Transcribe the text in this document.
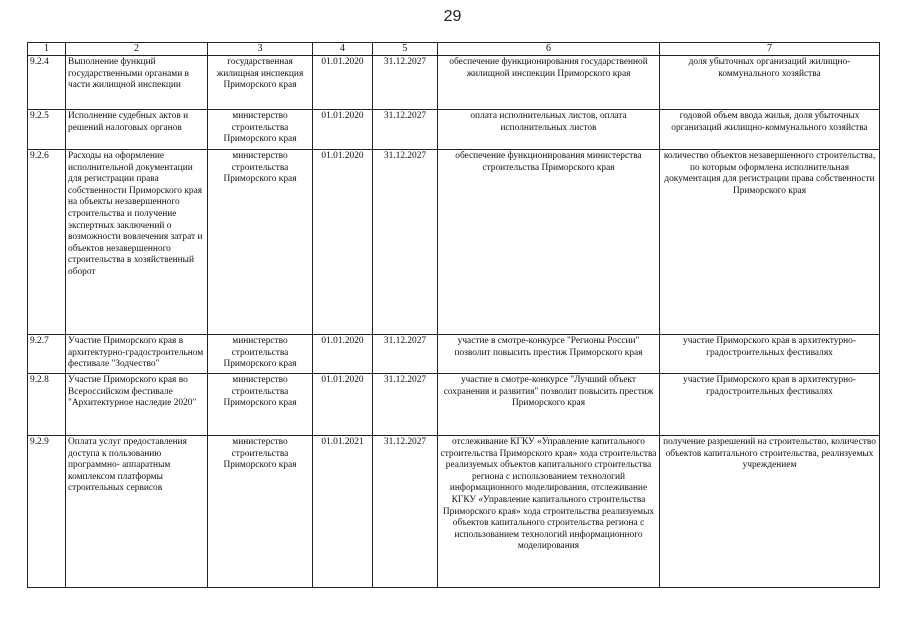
29
1	2	3	4	5	6	7
9.2.4	Выполнение функций государственными органами в части жилищной инспекции	государственная жилищная инспекция Приморского края	01.01.2020	31.12.2027	обеспечение функционирования государственной жилищной инспекции Приморского края	доля убыточных организаций жилищно-коммунального хозяйства
9.2.5	Исполнение судебных актов и решений налоговых органов	министерство строительства Приморского края	01.01.2020	31.12.2027	оплата исполнительных листов, оплата исполнительных листов	годовой объем ввода жилья, доля убыточных организаций жилищно-коммунального хозяйства
9.2.6	Расходы на оформление исполнительной документации для регистрации права собственности Приморского края на объекты незавершенного строительства и получение экспертных заключений о возможности вовлечения затрат и объектов незавершенного строительства в хозяйственный оборот	министерство строительства Приморского края	01.01.2020	31.12.2027	обеспечение функционирования министерства строительства Приморского края	количество объектов незавершенного строительства, по которым оформлена исполнительная документация для регистрации права собственности Приморского края
9.2.7	Участие Приморского края в архитектурно-градостроительном фестивале "Зодчество"	министерство строительства Приморского края	01.01.2020	31.12.2027	участие в смотре-конкурсе "Регионы России" позволит повысить престиж Приморского края	участие Приморского края в архитектурно-градостроительных фестивалях
9.2.8	Участие Приморского края во Всероссийском фестивале "Архитектурное наследие 2020"	министерство строительства Приморского края	01.01.2020	31.12.2027	участие в смотре-конкурсе "Лучший объект сохранения и развития" позволит повысить престиж Приморского края	участие Приморского края в архитектурно-градостроительных фестивалях
9.2.9	Оплата услуг предоставления доступа к пользованию программно- аппаратным комплексом платформы строительных сервисов	министерство строительства Приморского края	01.01.2021	31.12.2027	отслеживание КГКУ «Управление капитального строительства Приморского края» хода строительства реализуемых объектов капитального строительства региона с использованием технологий информационного моделирования, отслеживание КГКУ «Управление капитального строительства Приморского края» хода строительства реализуемых объектов капитального строительства региона с использованием технологий информационного моделирования	получение разрешений на строительство, количество объектов капитального строительства, реализуемых учреждением
